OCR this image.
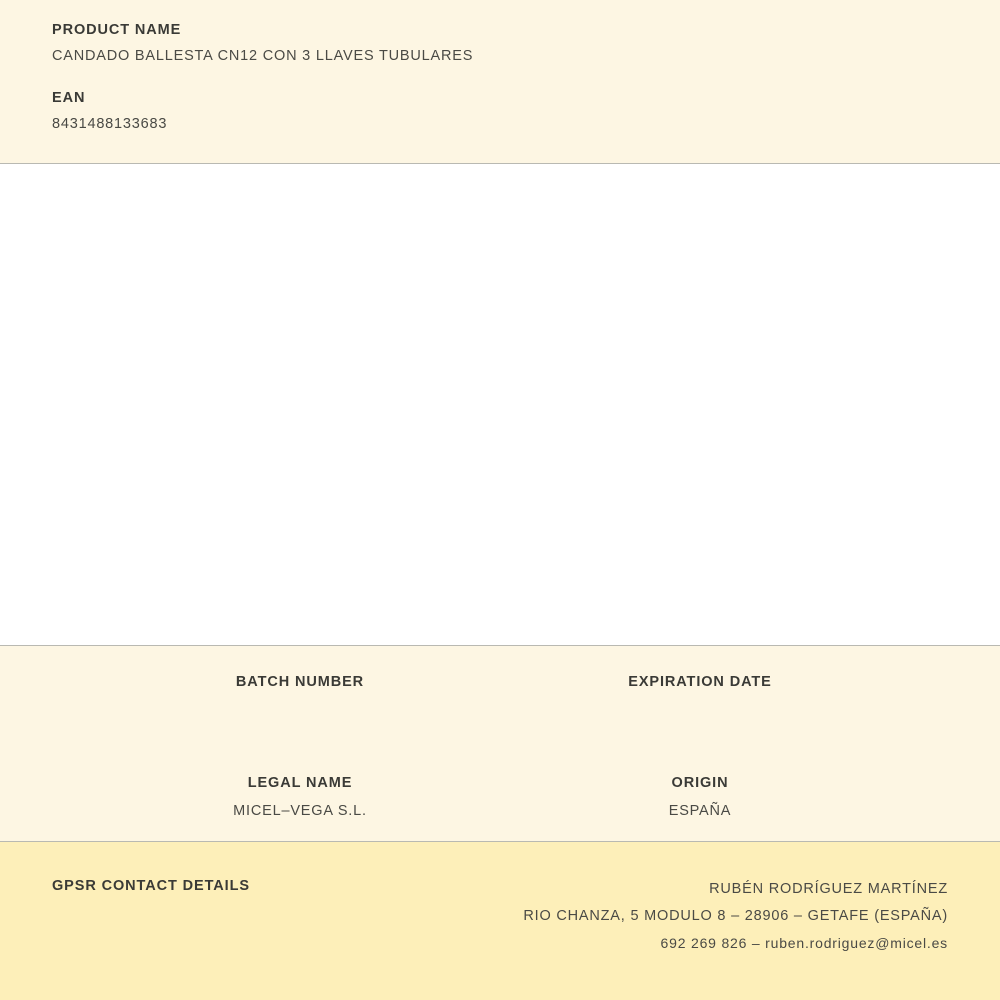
PRODUCT NAME
CANDADO BALLESTA CN12 CON 3 LLAVES TUBULARES
EAN
8431488133683
BATCH NUMBER	EXPIRATION DATE
LEGAL NAME
MICEL–VEGA S.L.
ORIGIN
ESPAÑA
GPSR CONTACT DETAILS	RUBÉN RODRÍGUEZ MARTÍNEZ
RIO CHANZA, 5 MODULO 8 – 28906 – GETAFE (ESPAÑA)
692 269 826 – ruben.rodriguez@micel.es
